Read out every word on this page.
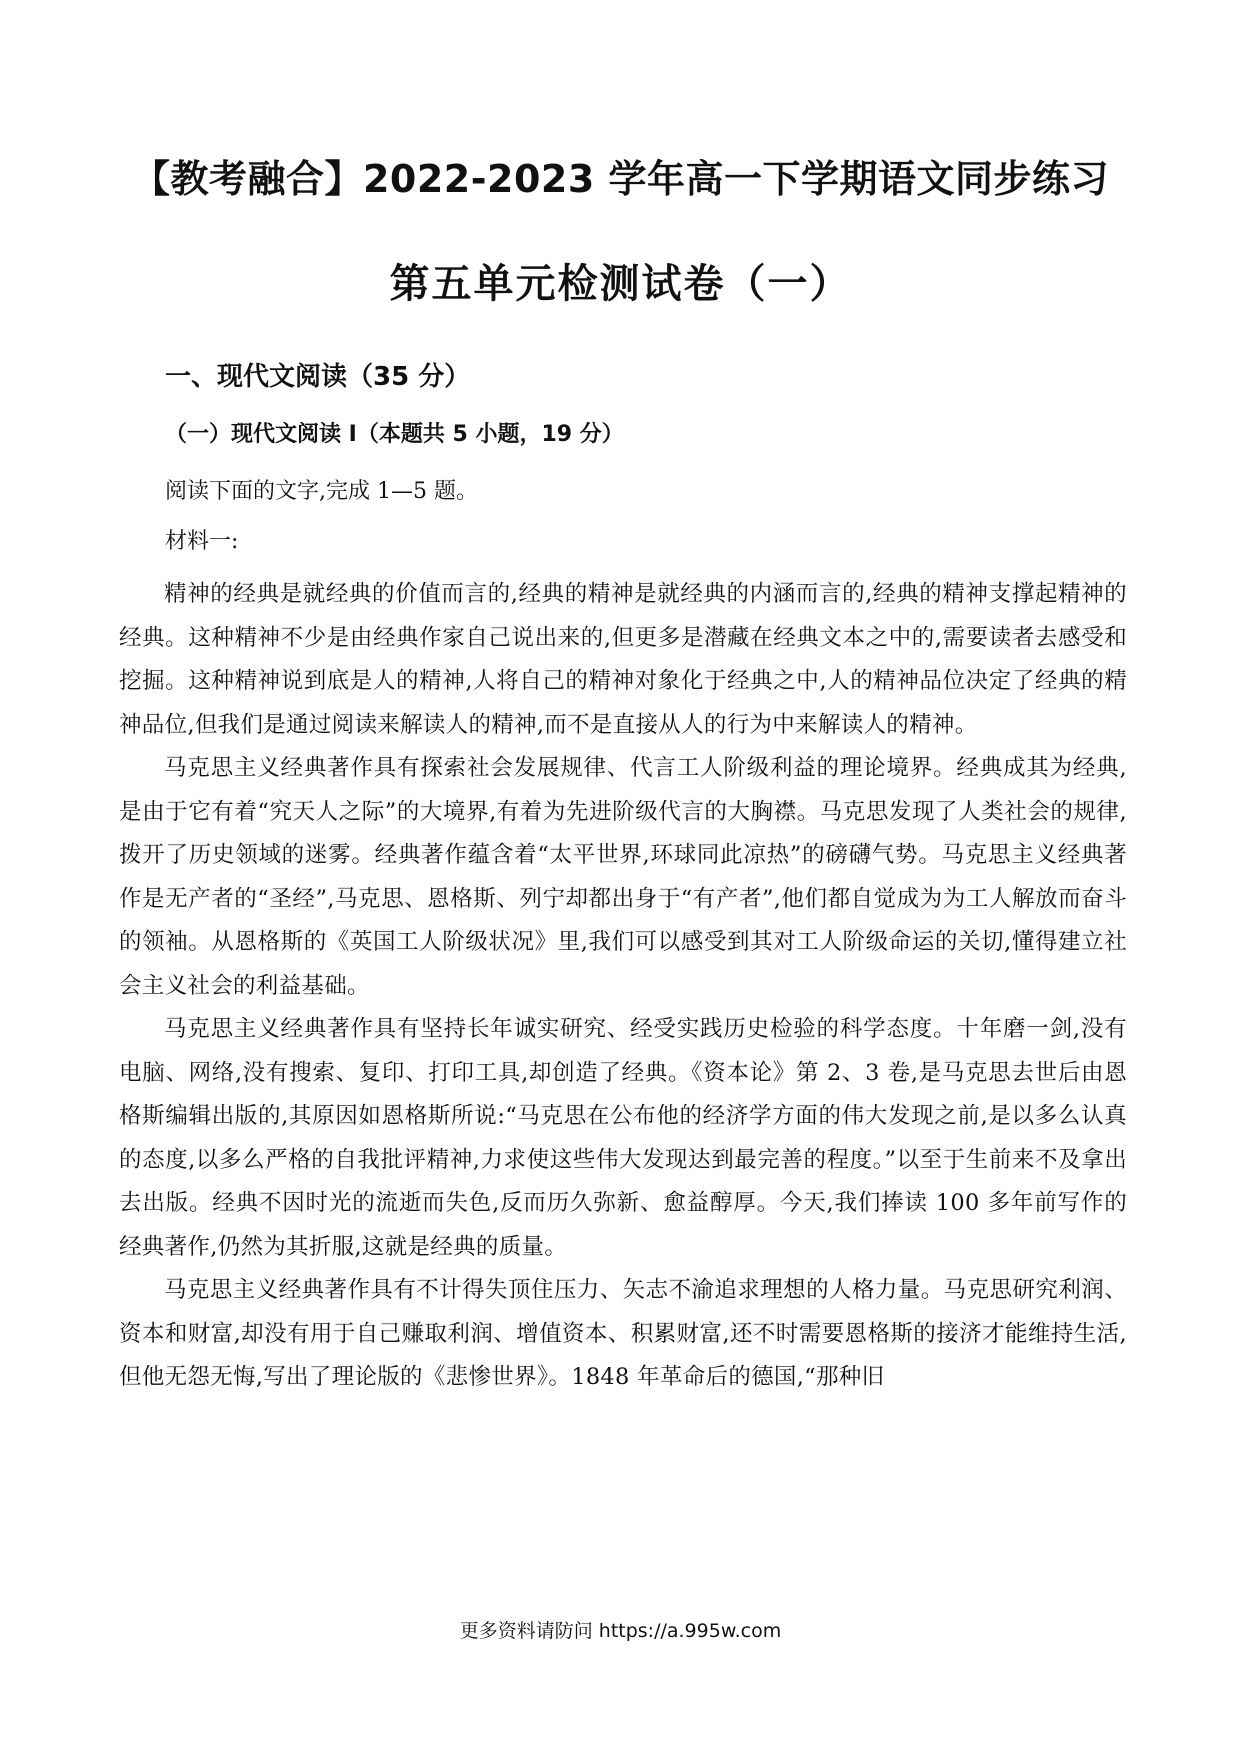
【教考融合】2022-2023 学年高一下学期语文同步练习
第五单元检测试卷（一）
一、现代文阅读（35 分）
（一）现代文阅读 I（本题共 5 小题，19 分）
阅读下面的文字,完成 1—5 题。
材料一:

精神的经典是就经典的价值而言的,经典的精神是就经典的内涵而言的,经典的精神支撑起精神的经典。这种精神不少是由经典作家自己说出来的,但更多是潜藏在经典文本之中的,需要读者去感受和挖掘。这种精神说到底是人的精神,人将自己的精神对象化于经典之中,人的精神品位决定了经典的精神品位,但我们是通过阅读来解读人的精神,而不是直接从人的行为中来解读人的精神。

马克思主义经典著作具有探索社会发展规律、代言工人阶级利益的理论境界。经典成其为经典,是由于它有着“究天人之际”的大境界,有着为先进阶级代言的大胸襟。马克思发现了人类社会的规律,拨开了历史领域的迷雾。经典著作蕴含着“太平世界,环球同此凉热”的磅礴气势。马克思主义经典著作是无产者的“圣经”,马克思、恩格斯、列宁却都出身于“有产者”,他们都自觉成为为工人解放而奋斗的领袖。从恩格斯的《英国工人阶级状况》里,我们可以感受到其对工人阶级命运的关切,懂得建立社会主义社会的利益基础。

马克思主义经典著作具有坚持长年诚实研究、经受实践历史检验的科学态度。十年磨一剑,没有电脑、网络,没有搜索、复印、打印工具,却创造了经典。《资本论》第 2、3 卷,是马克思去世后由恩格斯编辑出版的,其原因如恩格斯所说:“马克思在公布他的经济学方面的伟大发现之前,是以多么认真的态度,以多么严格的自我批评精神,力求使这些伟大发现达到最完善的程度。”以至于生前来不及拿出去出版。经典不因时光的流逝而失色,反而历久弥新、愈益醇厚。今天,我们捧读 100 多年前写作的经典著作,仍然为其折服,这就是经典的质量。

马克思主义经典著作具有不计得失顶住压力、矢志不渝追求理想的人格力量。马克思研究利润、资本和财富,却没有用于自己赚取利润、增值资本、积累财富,还不时需要恩格斯的接济才能维持生活,但他无怨无悔,写出了理论版的《悲惨世界》。1848 年革命后的德国,“那种旧

更多资料请防问 https://a.995w.com
